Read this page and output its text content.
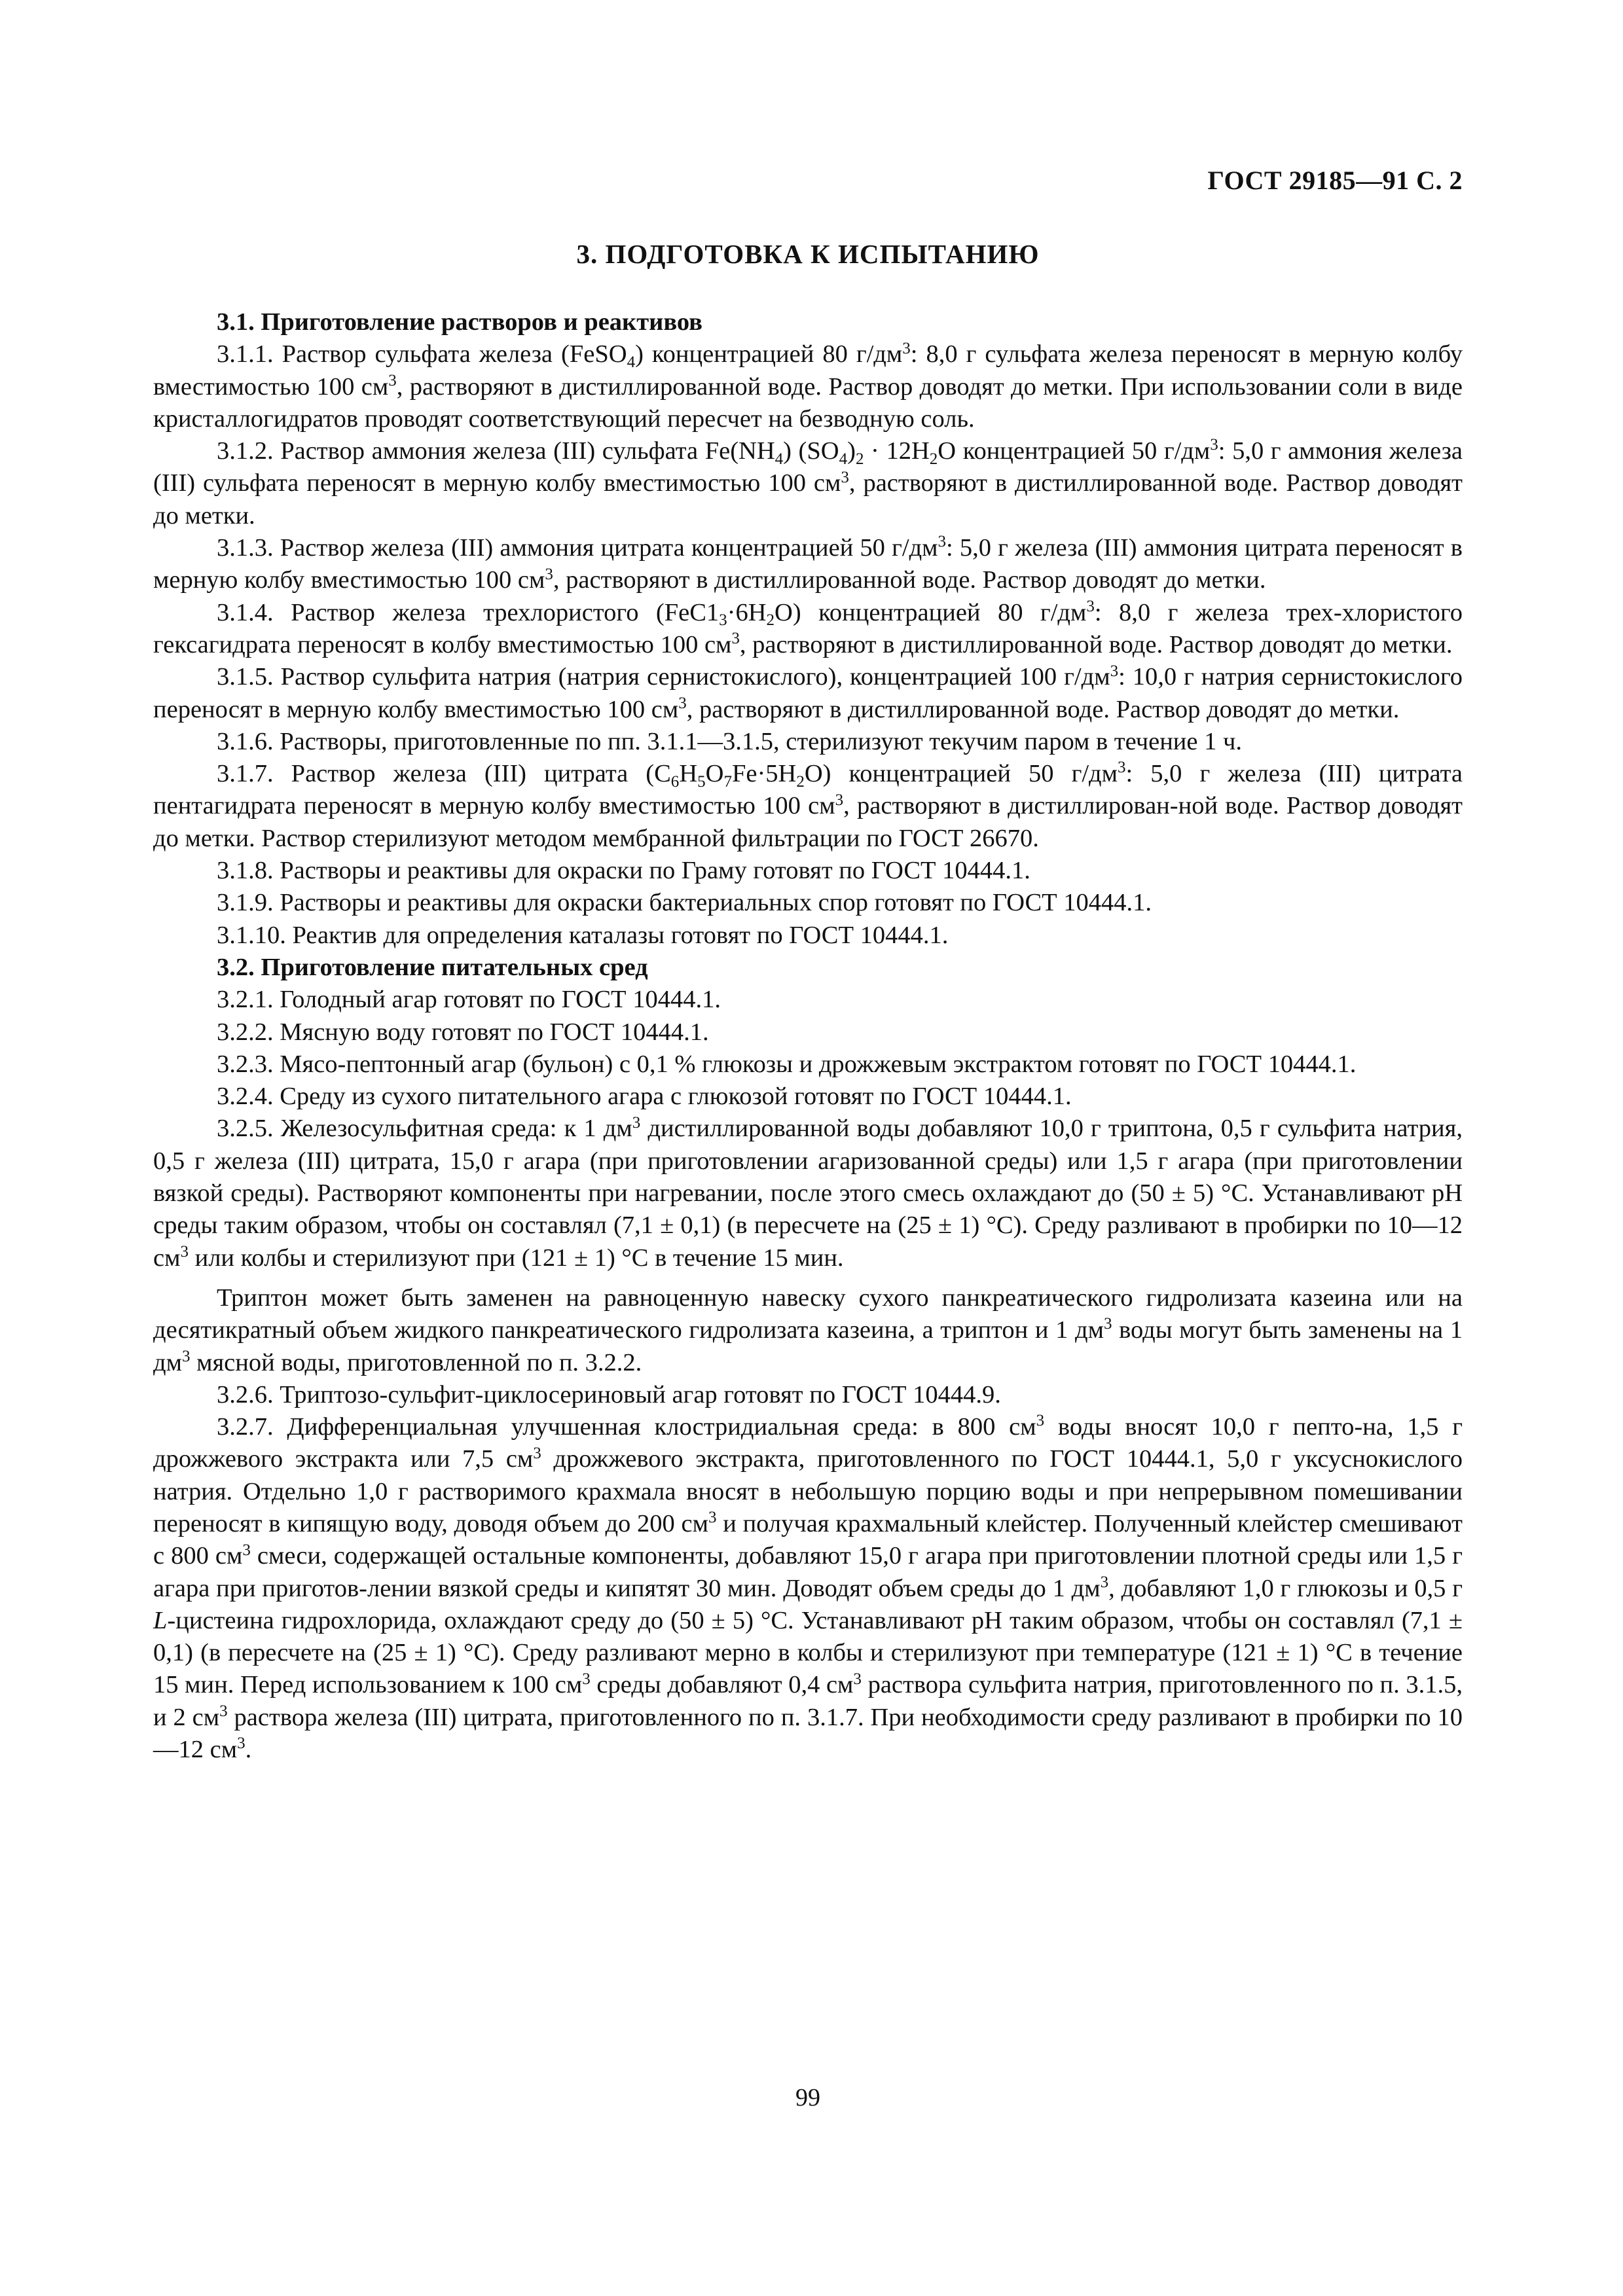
ГОСТ 29185—91 С. 2
3. ПОДГОТОВКА К ИСПЫТАНИЮ

3.1. Приготовление растворов и реактивов

3.1.1. Раствор сульфата железа (FeSO$_4$) концентрацией 80 $г/дм^3$: 8,0 г сульфата железа переносят в мерную колбу вместимостью 100 $см^3$, растворяют в дистиллированной воде. Раствор доводят до метки. При использовании соли в виде кристаллогидратов проводят соответствующий пересчет на безводную соль.

3.1.2. Раствор аммония железа (III) сульфата $Fe(NH_4) (SO_4)_2 \cdot 12H_2O$ концентрацией 50 $г/дм^3$: 5,0 г аммония железа (III) сульфата переносят в мерную колбу вместимостью 100 $см^3$, растворяют в дистиллированной воде. Раствор доводят до метки.

3.1.3. Раствор железа (III) аммония цитрата концентрацией 50 $г/дм^3$: 5,0 г железа (III) аммония цитрата переносят в мерную колбу вместимостью 100 $см^3$, растворяют в дистиллированной воде. Раствор доводят до метки.

3.1.4. Раствор железа трехлористого $(FeC1_3\cdot 6H_2O)$ концентрацией 80 $г/дм^3$: 8,0 г железа трех-хлористого гексагидрата переносят в колбу вместимостью 100 $см^3$, растворяют в дистиллированной воде. Раствор доводят до метки.

3.1.5. Раствор сульфита натрия (натрия сернистокислого), концентрацией 100 $г/дм^3$: 10,0 г натрия сернистокислого переносят в мерную колбу вместимостью 100 $см^3$, растворяют в дистиллированной воде. Раствор доводят до метки.

3.1.6. Растворы, приготовленные по пп. 3.1.1—3.1.5, стерилизуют текучим паром в течение 1 ч.

3.1.7. Раствор железа (III) цитрата $(C_6H_5O_7Fe\cdot 5H_2O)$ концентрацией 50 $г/дм^3$: 5,0 г железа (III) цитрата пентагидрата переносят в мерную колбу вместимостью 100 $см^3$, растворяют в дистиллирован-ной воде. Раствор доводят до метки. Раствор стерилизуют методом мембранной фильтрации по ГОСТ 26670.

3.1.8. Растворы и реактивы для окраски по Граму готовят по ГОСТ 10444.1.

3.1.9. Растворы и реактивы для окраски бактериальных спор готовят по ГОСТ 10444.1.

3.1.10. Реактив для определения каталазы готовят по ГОСТ 10444.1.

3.2. Приготовление питательных сред

3.2.1. Голодный агар готовят по ГОСТ 10444.1.

3.2.2. Мясную воду готовят по ГОСТ 10444.1.

3.2.3. Мясо-пептонный агар (бульон) с 0,1 % глюкозы и дрожжевым экстрактом готовят по ГОСТ 10444.1.

3.2.4. Среду из сухого питательного агара с глюкозой готовят по ГОСТ 10444.1.

3.2.5. Железосульфитная среда: к 1 $дм^3$ дистиллированной воды добавляют 10,0 г триптона, 0,5 г сульфита натрия, 0,5 г железа (III) цитрата, 15,0 г агара (при приготовлении агаризованной среды) или 1,5 г агара (при приготовлении вязкой среды). Растворяют компоненты при нагревании, после этого смесь охлаждают до (50 ± 5) °C. Устанавливают pH среды таким образом, чтобы он составлял (7,1 ± 0,1) (в пересчете на (25 ± 1) °C). Среду разливают в пробирки по 10—12 $см^3$ или колбы и стерилизуют при (121 ± 1) °C в течение 15 мин.

Триптон может быть заменен на равноценную навеску сухого панкреатического гидролизата казеина или на десятикратный объем жидкого панкреатического гидролизата казеина, а триптон и 1 $дм^3$ воды могут быть заменены на 1 $дм^3$ мясной воды, приготовленной по п. 3.2.2.

3.2.6. Триптозо-сульфит-циклосериновый агар готовят по ГОСТ 10444.9.

3.2.7. Дифференциальная улучшенная клостридиальная среда: в 800 $см^3$ воды вносят 10,0 г пепто-на, 1,5 г дрожжевого экстракта или 7,5 $см^3$ дрожжевого экстракта, приготовленного по ГОСТ 10444.1, 5,0 г уксуснокислого натрия. Отдельно 1,0 г растворимого крахмала вносят в небольшую порцию воды и при непрерывном помешивании переносят в кипящую воду, доводя объем до 200 $см^3$ и получая крахмальный клейстер. Полученный клейстер смешивают с 800 $см^3$ смеси, содержащей остальные компоненты, добавляют 15,0 г агара при приготовлении плотной среды или 1,5 г агара при приготов-лении вязкой среды и кипятят 30 мин. Доводят объем среды до 1 $дм^3$, добавляют 1,0 г глюкозы и 0,5 г L-цистеина гидрохлорида, охлаждают среду до (50 ± 5) °C. Устанавливают pH таким образом, чтобы он составлял (7,1 ± 0,1) (в пересчете на (25 ± 1) °C). Среду разливают мерно в колбы и стерилизуют при температуре (121 ± 1) °C в течение 15 мин. Перед использованием к 100 $см^3$ среды добавляют 0,4 $см^3$ раствора сульфита натрия, приготовленного по п. 3.1.5, и 2 $см^3$ раствора железа (III) цитрата, приготовленного по п. 3.1.7. При необходимости среду разливают в пробирки по 10—12 $см^3$.

99
